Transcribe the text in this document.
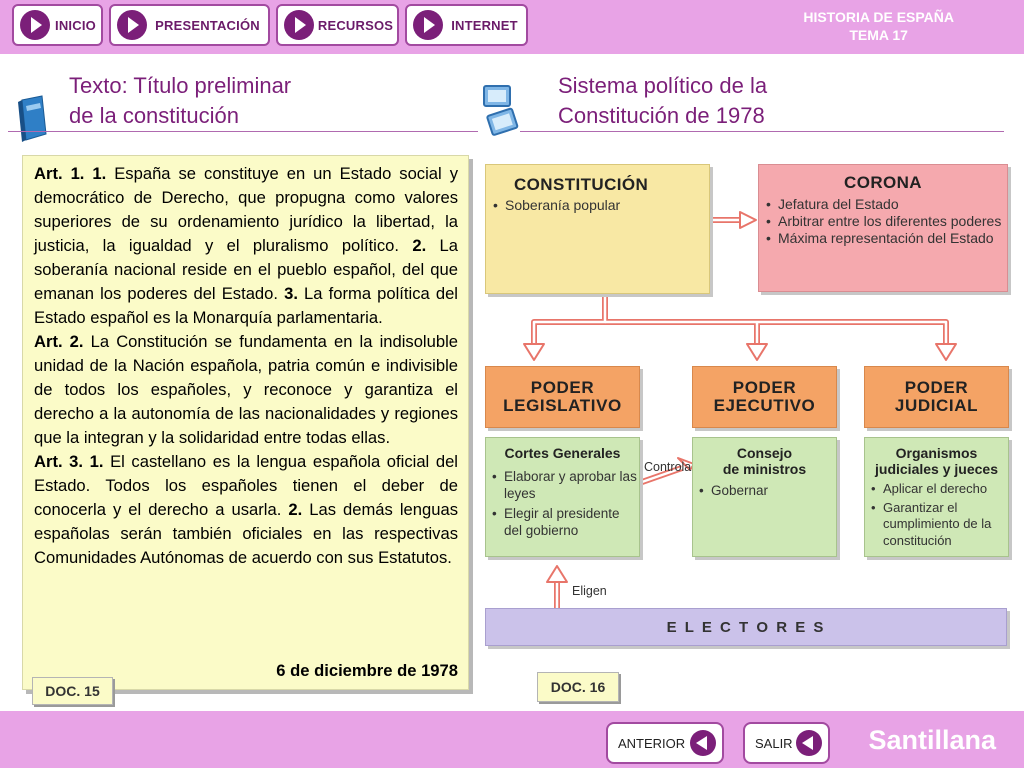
INICIO	PRESENTACIÓN	RECURSOS	INTERNET	HISTORIA DE ESPAÑA
TEMA 17
Texto: Título preliminar
de la constitución
Sistema político de la
Constitución de 1978

Art. 1. 1. España se constituye en un Estado social y democrático de Derecho, que propugna como valores superiores de su ordenamiento jurídico la libertad, la justicia, la igualdad y el pluralismo político. 2. La soberanía nacional reside en el pueblo español, del que emanan los poderes del Estado. 3. La forma política del Estado español es la Monarquía parlamentaria.

Art. 2. La Constitución se fundamenta en la indisoluble unidad de la Nación española, patria común e indivisible de todos los españoles, y reconoce y garantiza el derecho a la autonomía de las nacionalidades y regiones que la integran y la solidaridad entre todas ellas.

Art. 3. 1. El castellano es la lengua española oficial del Estado. Todos los españoles tienen el deber de conocerla y el derecho a usarla. 2. Las demás lenguas españolas serán también oficiales en las respectivas Comunidades Autónomas de acuerdo con sus Estatutos.

6 de diciembre de 1978
DOC. 15
CONSTITUCIÓN
• Soberanía popular
CORONA
• Jefatura del Estado
• Arbitrar entre los diferentes poderes
• Máxima representación del Estado
PODER
LEGISLATIVO
PODER
EJECUTIVO
PODER
JUDICIAL
Cortes Generales
• Elaborar y aprobar las leyes
• Elegir al presidente del gobierno
Controla
Consejo
de ministros
• Gobernar
Organismos
judiciales y jueces
• Aplicar el derecho
• Garantizar el cumplimiento de la constitución
Eligen
E L E C T O R E S
DOC. 16
ANTERIOR	SALIR	Santillana
